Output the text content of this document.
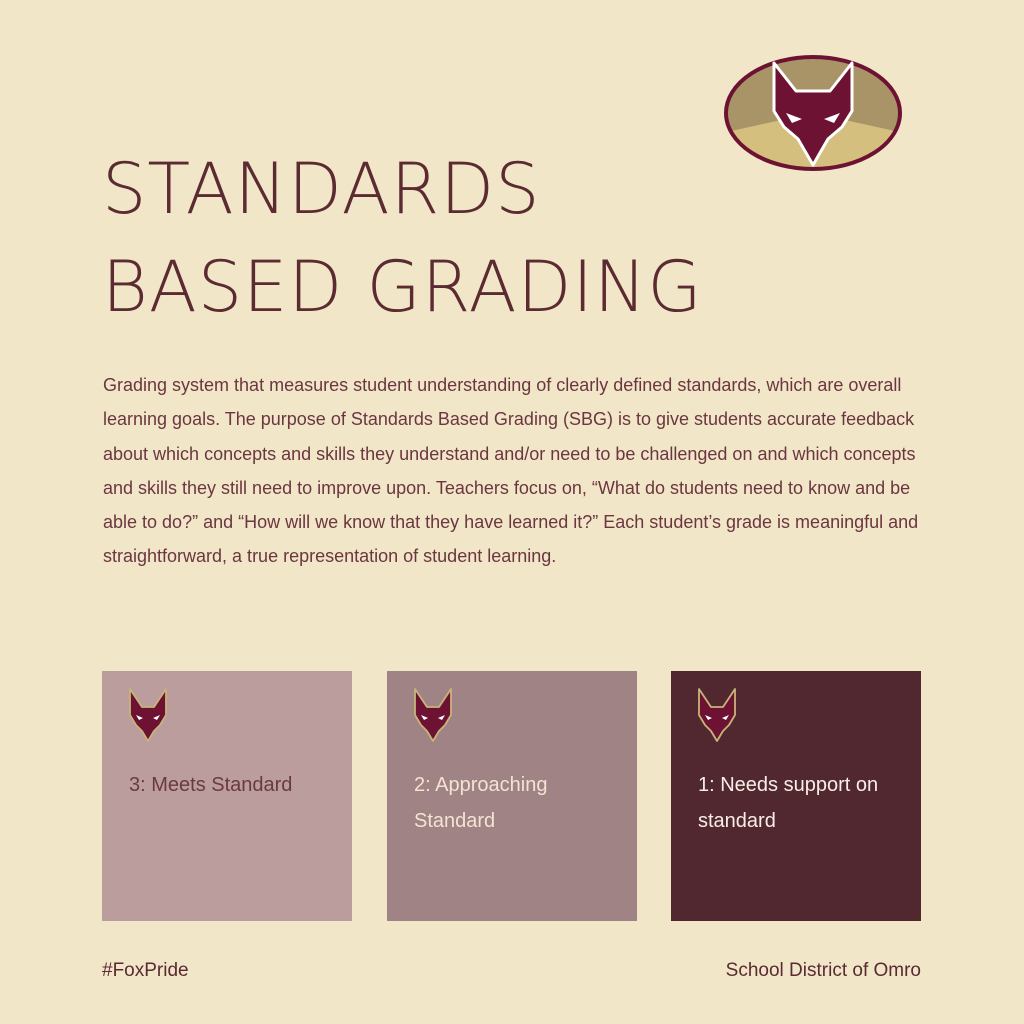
STANDARDS
BASED GRADING

Grading system that measures student understanding of clearly defined standards, which are overall learning goals. The purpose of Standards Based Grading (SBG) is to give students accurate feedback about which concepts and skills they understand and/or need to be challenged on and which concepts and skills they still need to improve upon. Teachers focus on, “What do students need to know and be able to do?” and “How will we know that they have learned it?” Each student’s grade is meaningful and straightforward, a true representation of student learning.

3: Meets Standard	2: Approaching Standard
1: Needs support on standard
#FoxPride	School District of Omro
